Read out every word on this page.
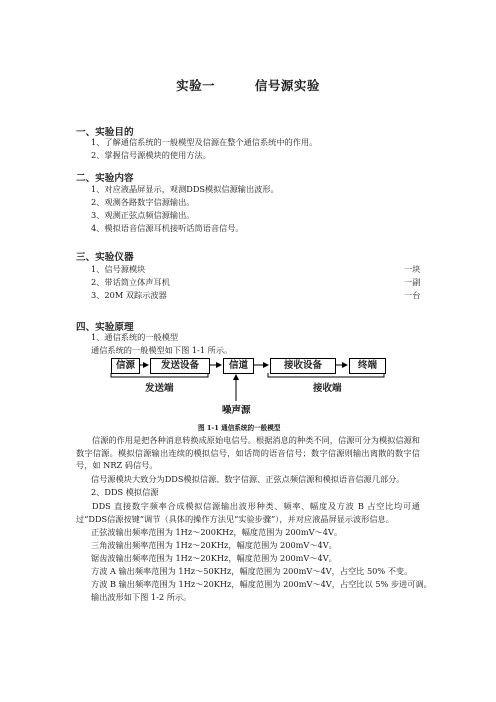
实验一	信号源实验
一、实验目的
1、了解通信系统的一般模型及信源在整个通信系统中的作用。
2、掌握信号源模块的使用方法。
二、实验内容
1、对应液晶屏显示，观测DDS模拟信源输出波形。
2、观测各路数字信源输出。
3、观测正弦点频信源输出。
4、模拟语音信源耳机接听话筒语音信号。
三、实验仪器
1、信号源模块	一块
2、带话筒立体声耳机	一副
3、20M 双踪示波器	一台
四、实验原理
1、通信系统的一般模型
通信系统的一般模型如下图 1-1 所示。
信源	发送设备	信道	接收设备	终端
发送端	接收端
噪声源
图 1-1 通信系统的一般模型
信源的作用是把各种消息转换成原始电信号。根据消息的种类不同，信源可分为模拟信源和数字信源。模拟信源输出连续的模拟信号，如话筒的语音信号；数字信源则输出离散的数字信号，如 NRZ 码信号。
信号源模块大致分为DDS模拟信源、数字信源、正弦点频信源和模拟语音信源几部分。
2、DDS 模拟信源
DDS 直接数字频率合成模拟信源输出波形种类、频率、幅度及方波 B 占空比均可通过“DDS信源按键”调节（具体的操作方法见“实验步骤”），并对应液晶屏显示波形信息。
正弦波输出频率范围为 1Hz～200KHz，幅度范围为 200mV～4V。
三角波输出频率范围为 1Hz～20KHz，幅度范围为 200mV～4V。
锯齿波输出频率范围为 1Hz～20KHz，幅度范围为 200mV～4V。
方波 A 输出频率范围为 1Hz～50KHz，幅度范围为 200mV～4V，占空比 50% 不变。
方波 B 输出频率范围为 1Hz～20KHz，幅度范围为 200mV～4V，占空比以 5% 步进可调。
输出波形如下图 1-2 所示。
